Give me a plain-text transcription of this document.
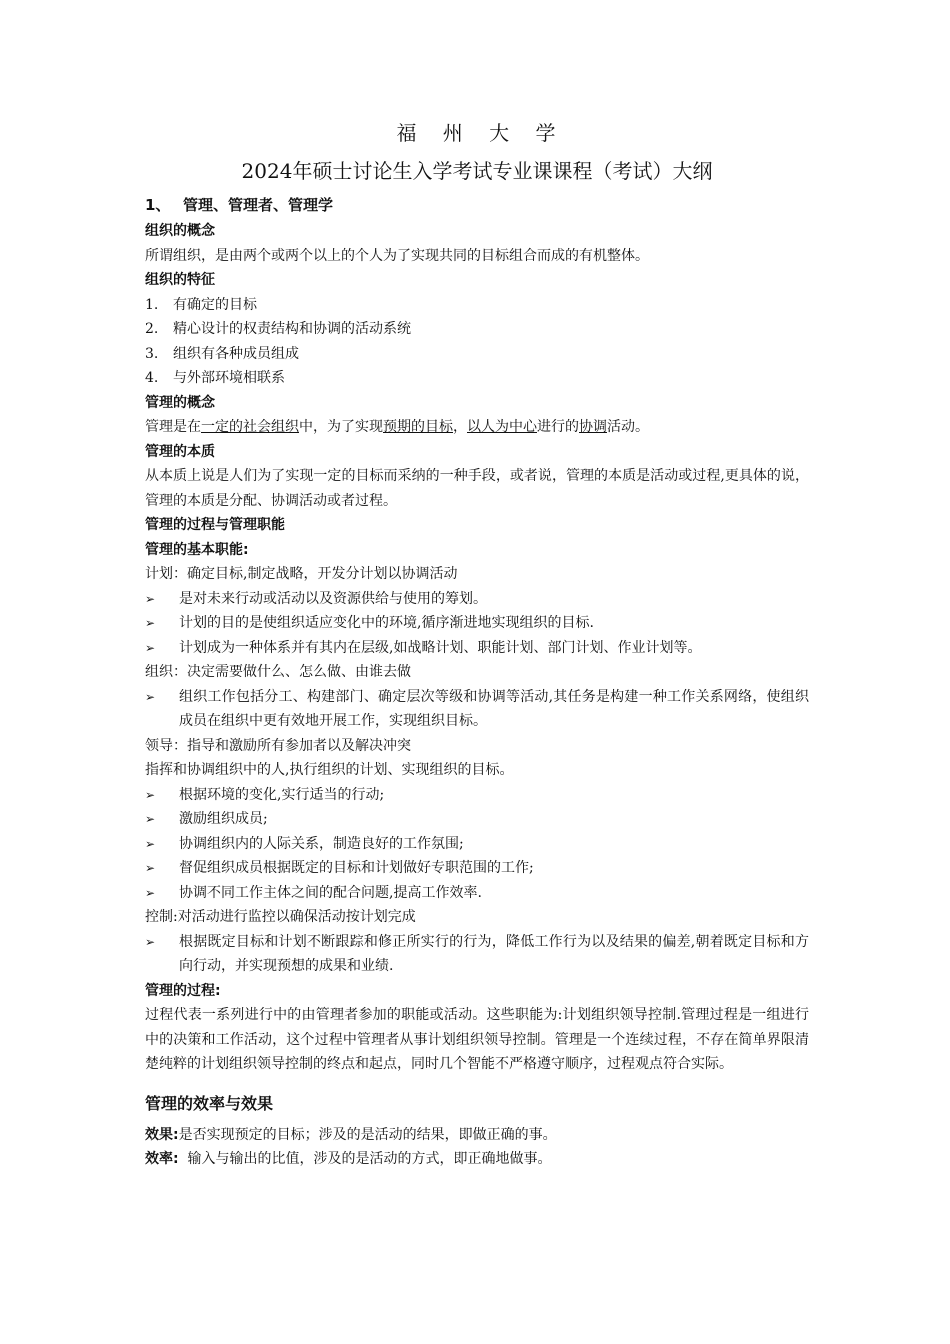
福 州 大 学
2024年硕士讨论生入学考试专业课课程（考试）大纲
1、 管理、管理者、管理学
组织的概念
所谓组织，是由两个或两个以上的个人为了实现共同的目标组合而成的有机整体。
组织的特征
1.	有确定的目标
2.	精心设计的权责结构和协调的活动系统
3.	组织有各种成员组成
4.	与外部环境相联系
管理的概念
管理是在一定的社会组织中，为了实现预期的目标，以人为中心进行的协调活动。
管理的本质
从本质上说是人们为了实现一定的目标而采纳的一种手段，或者说，管理的本质是活动或过程,更具体的说，管理的本质是分配、协调活动或者过程。
管理的过程与管理职能
管理的基本职能:
计划：确定目标,制定战略，开发分计划以协调活动
➢	是对未来行动或活动以及资源供给与使用的筹划。
➢	计划的目的是使组织适应变化中的环境,循序渐进地实现组织的目标.
➢	计划成为一种体系并有其内在层级,如战略计划、职能计划、部门计划、作业计划等。
组织：决定需要做什么、怎么做、由谁去做
➢	组织工作包括分工、构建部门、确定层次等级和协调等活动,其任务是构建一种工作关系网络，使组织成员在组织中更有效地开展工作，实现组织目标。
领导：指导和激励所有参加者以及解决冲突
指挥和协调组织中的人,执行组织的计划、实现组织的目标。
➢	根据环境的变化,实行适当的行动;
➢	激励组织成员;
➢	协调组织内的人际关系，制造良好的工作氛围;
➢	督促组织成员根据既定的目标和计划做好专职范围的工作;
➢	协调不同工作主体之间的配合问题,提高工作效率.
控制:对活动进行监控以确保活动按计划完成
➢	根据既定目标和计划不断跟踪和修正所实行的行为，降低工作行为以及结果的偏差,朝着既定目标和方向行动，并实现预想的成果和业绩.
管理的过程:
过程代表一系列进行中的由管理者参加的职能或活动。这些职能为:计划组织领导控制.管理过程是一组进行中的决策和工作活动，这个过程中管理者从事计划组织领导控制。管理是一个连续过程，不存在简单界限清楚纯粹的计划组织领导控制的终点和起点，同时几个智能不严格遵守顺序，过程观点符合实际。
管理的效率与效果
效果:是否实现预定的目标；涉及的是活动的结果，即做正确的事。
效率:  输入与输出的比值，涉及的是活动的方式，即正确地做事。
